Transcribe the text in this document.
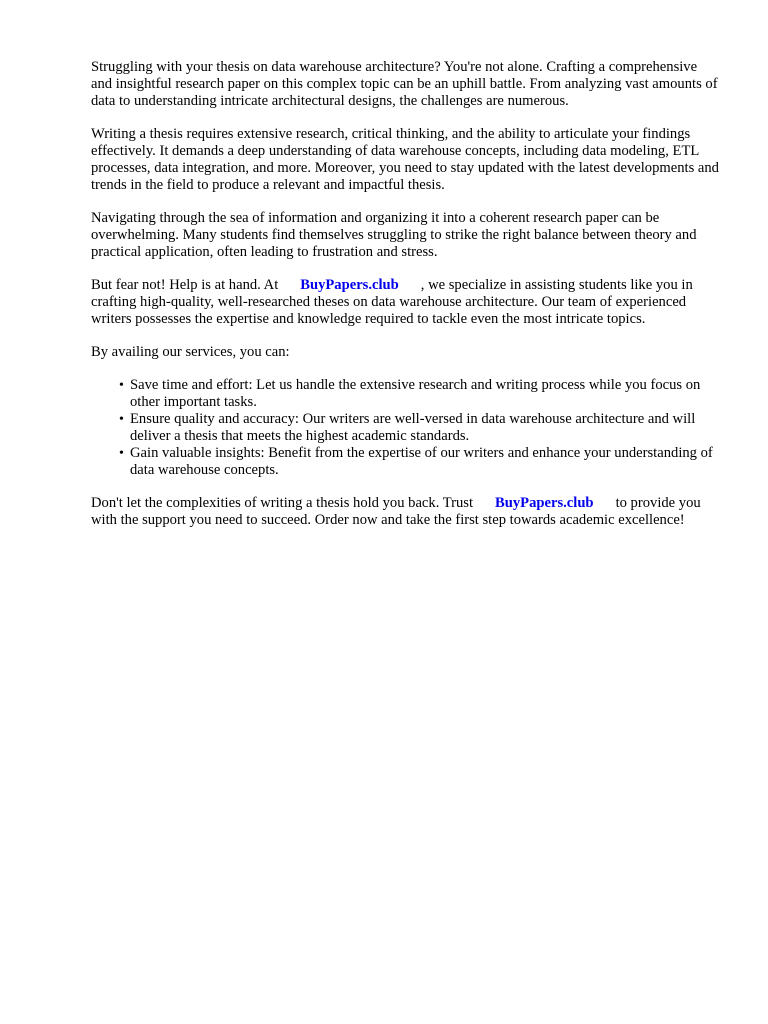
Struggling with your thesis on data warehouse architecture? You're not alone. Crafting a comprehensive and insightful research paper on this complex topic can be an uphill battle. From analyzing vast amounts of data to understanding intricate architectural designs, the challenges are numerous.

Writing a thesis requires extensive research, critical thinking, and the ability to articulate your findings effectively. It demands a deep understanding of data warehouse concepts, including data modeling, ETL processes, data integration, and more. Moreover, you need to stay updated with the latest developments and trends in the field to produce a relevant and impactful thesis.

Navigating through the sea of information and organizing it into a coherent research paper can be overwhelming. Many students find themselves struggling to strike the right balance between theory and practical application, often leading to frustration and stress.

But fear not! Help is at hand. At BuyPapers.club , we specialize in assisting students like you in crafting high-quality, well-researched theses on data warehouse architecture. Our team of experienced writers possesses the expertise and knowledge required to tackle even the most intricate topics.

By availing our services, you can:

• Save time and effort: Let us handle the extensive research and writing process while you focus on other important tasks.
• Ensure quality and accuracy: Our writers are well-versed in data warehouse architecture and will deliver a thesis that meets the highest academic standards.
• Gain valuable insights: Benefit from the expertise of our writers and enhance your understanding of data warehouse concepts.

Don't let the complexities of writing a thesis hold you back. Trust BuyPapers.club to provide you with the support you need to succeed. Order now and take the first step towards academic excellence!
